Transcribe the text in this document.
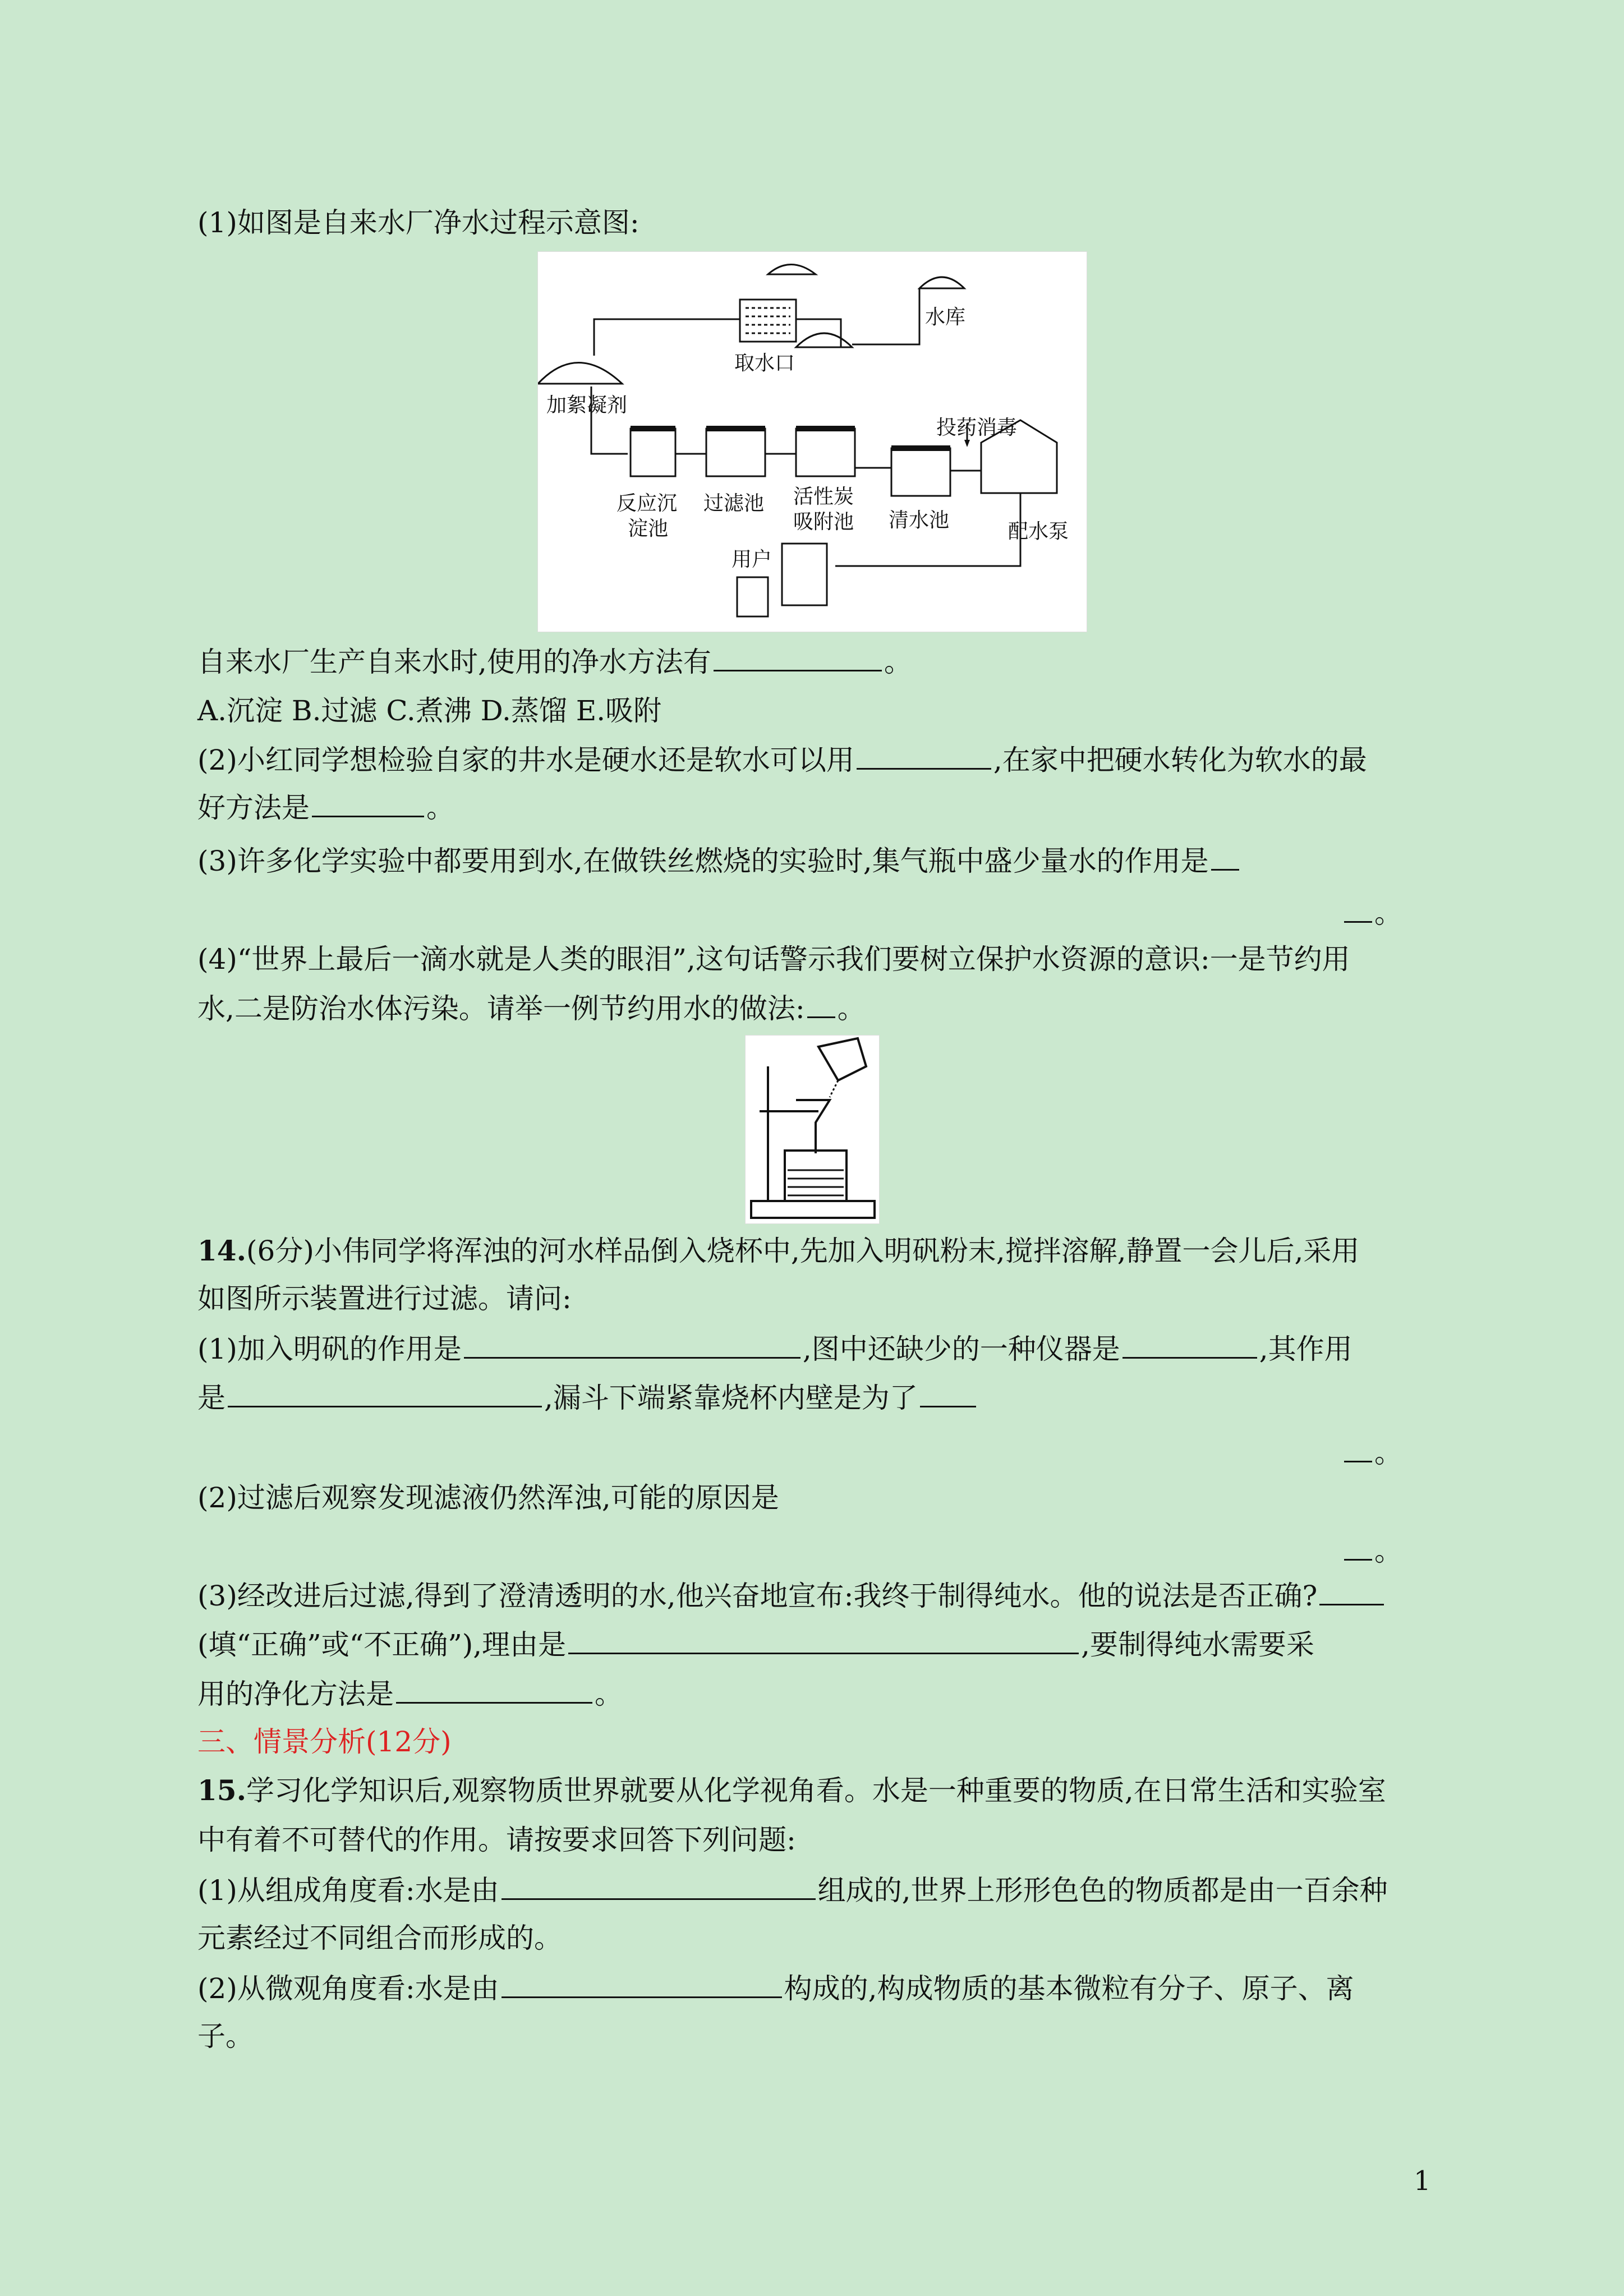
(1)如图是自来水厂净水过程示意图:
水库
取水口
加絮凝剂
反应沉
淀池
过滤池 活性炭
吸附池 清水池
投药消毒
配水泵
用户
自来水厂生产自来水时,使用的净水方法有	。
A.沉淀 B.过滤 C.煮沸 D.蒸馏 E.吸附
(2)小红同学想检验自家的井水是硬水还是软水可以用	,在家中把硬水转化为软水的最
好方法是	。
(3)许多化学实验中都要用到水,在做铁丝燃烧的实验时,集气瓶中盛少量水的作用是
。
(4)“世界上最后一滴水就是人类的眼泪”,这句话警示我们要树立保护水资源的意识:一是节约用
水,二是防治水体污染。请举一例节约用水的做法: 。
14.(6分)小伟同学将浑浊的河水样品倒入烧杯中,先加入明矾粉末,搅拌溶解,静置一会儿后,采用
如图所示装置进行过滤。请问:
(1)加入明矾的作用是	,图中还缺少的一种仪器是	,其作用
是	,漏斗下端紧靠烧杯内壁是为了
。
(2)过滤后观察发现滤液仍然浑浊,可能的原因是
。
(3)经改进后过滤,得到了澄清透明的水,他兴奋地宣布:我终于制得纯水。他的说法是否正确?
(填“正确”或“不正确”),理由是	,要制得纯水需要采
用的净化方法是	。
三、情景分析(12分)
15.学习化学知识后,观察物质世界就要从化学视角看。水是一种重要的物质,在日常生活和实验室
中有着不可替代的作用。请按要求回答下列问题:
(1)从组成角度看:水是由	组成的,世界上形形色色的物质都是由一百余种
元素经过不同组合而形成的。
(2)从微观角度看:水是由	构成的,构成物质的基本微粒有分子、原子、离
子。
1
